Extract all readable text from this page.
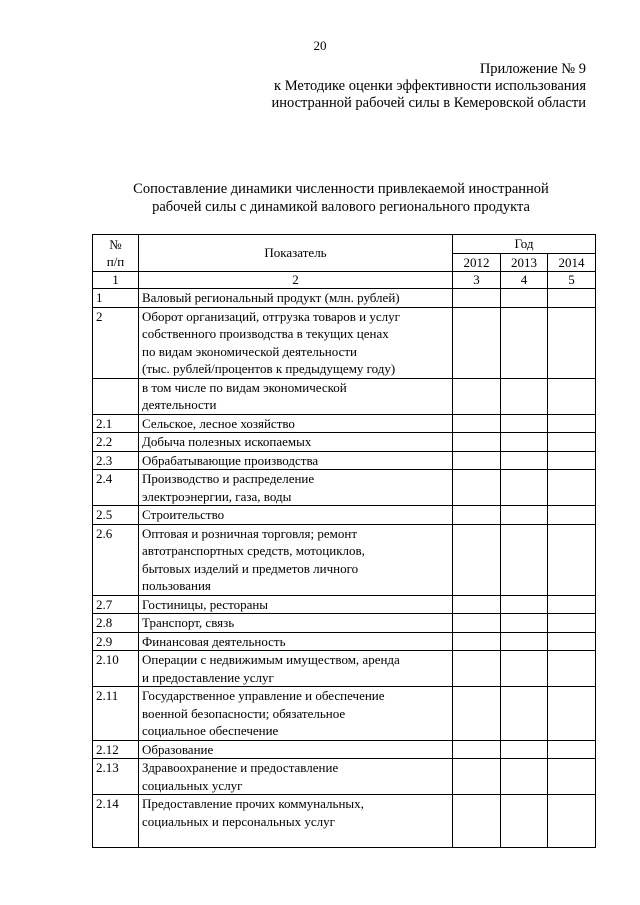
20
Приложение № 9
к Методике оценки эффективности использования
иностранной рабочей силы в Кемеровской области
Сопоставление динамики численности привлекаемой иностранной
рабочей силы с динамикой валового регионального продукта
№
п/п	Показатель	Год		
		2012	2013	2014
1	2	3	4	5
1	Валовый региональный продукт (млн. рублей)			

2	Оборот организаций, отгрузка товаров и услуг
собственного производства в текущих ценах
по видам экономической деятельности
(тыс. рублей/процентов к предыдущему году)			

	в том числе по видам экономической
деятельности			

2.1	Сельское, лесное хозяйство			

2.2	Добыча полезных ископаемых			

2.3	Обрабатывающие производства			

2.4	Производство и распределение
электроэнергии, газа, воды			

2.5	Строительство			

2.6	Оптовая и розничная торговля; ремонт
автотранспортных средств, мотоциклов,
бытовых изделий и предметов личного
пользования			

2.7	Гостиницы, рестораны			

2.8	Транспорт, связь			

2.9	Финансовая деятельность			

2.10	Операции с недвижимым имуществом, аренда
и предоставление услуг			

2.11	Государственное управление и обеспечение
военной безопасности; обязательное
социальное обеспечение			

2.12	Образование			

2.13	Здравоохранение и предоставление
социальных услуг			

2.14	Предоставление прочих коммунальных,
социальных и персональных услуг			
